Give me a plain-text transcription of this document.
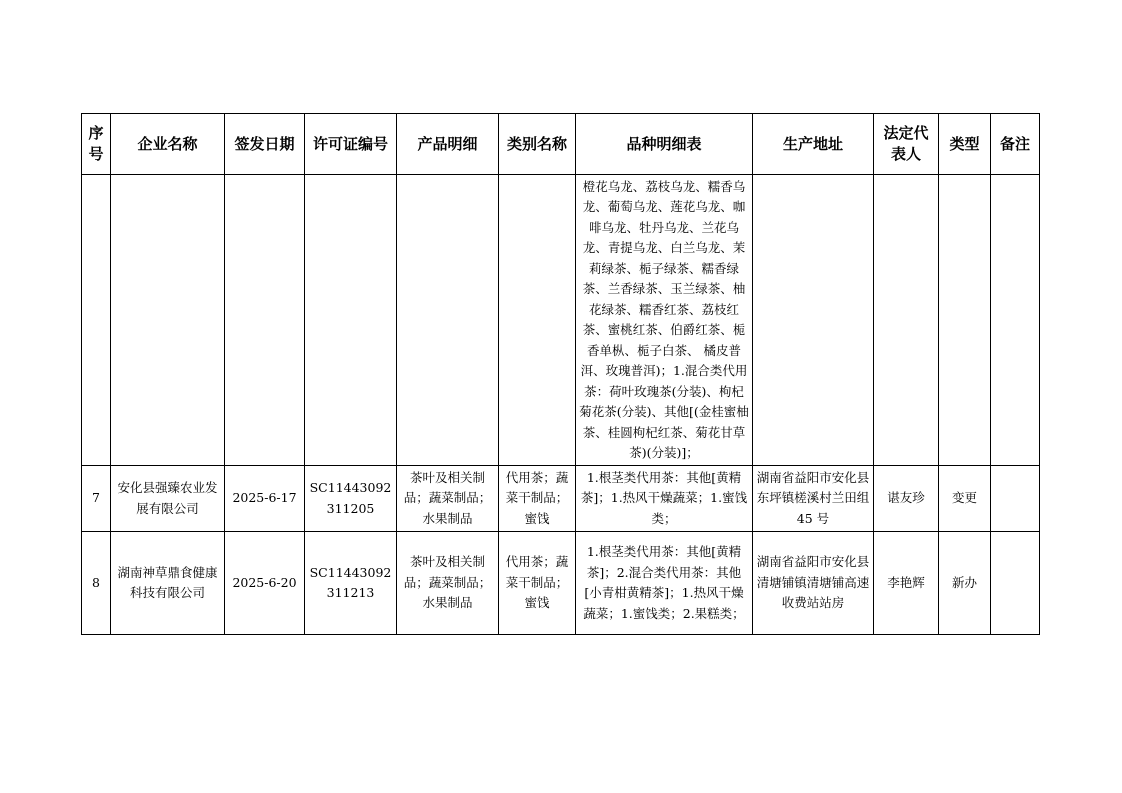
序号	企业名称	签发日期	许可证编号	产品明细	类别名称	品种明细表	生产地址	法定代表人	类型	备注
						橙花乌龙、荔枝乌龙、糯香乌龙、葡萄乌龙、莲花乌龙、咖啡乌龙、牡丹乌龙、兰花乌龙、青提乌龙、白兰乌龙、茉莉绿茶、栀子绿茶、糯香绿茶、兰香绿茶、玉兰绿茶、柚花绿茶、糯香红茶、荔枝红茶、蜜桃红茶、伯爵红茶、栀香单枞、栀子白茶、 橘皮普洱、玫瑰普洱)；1.混合类代用茶：荷叶玫瑰茶(分装)、枸杞菊花茶(分装)、其他[(金桂蜜柚茶、桂圆枸杞红茶、菊花甘草茶)(分装)]；				
7	安化县强臻农业发展有限公司	2025-6-17	SC11443092311205	茶叶及相关制品；蔬菜制品；水果制品	代用茶；蔬菜干制品；蜜饯	1.根茎类代用茶：其他[黄精茶]；1.热风干燥蔬菜；1.蜜饯类；	湖南省益阳市安化县东坪镇槎溪村兰田组 45 号	谌友珍	变更	
8	湖南神草鼎食健康科技有限公司	2025-6-20	SC11443092311213	茶叶及相关制品；蔬菜制品；水果制品	代用茶；蔬菜干制品；蜜饯	1.根茎类代用茶：其他[黄精茶]；2.混合类代用茶：其他[小青柑黄精茶]；1.热风干燥蔬菜；1.蜜饯类；2.果糕类；	湖南省益阳市安化县清塘铺镇清塘铺高速收费站站房	李艳辉	新办	
